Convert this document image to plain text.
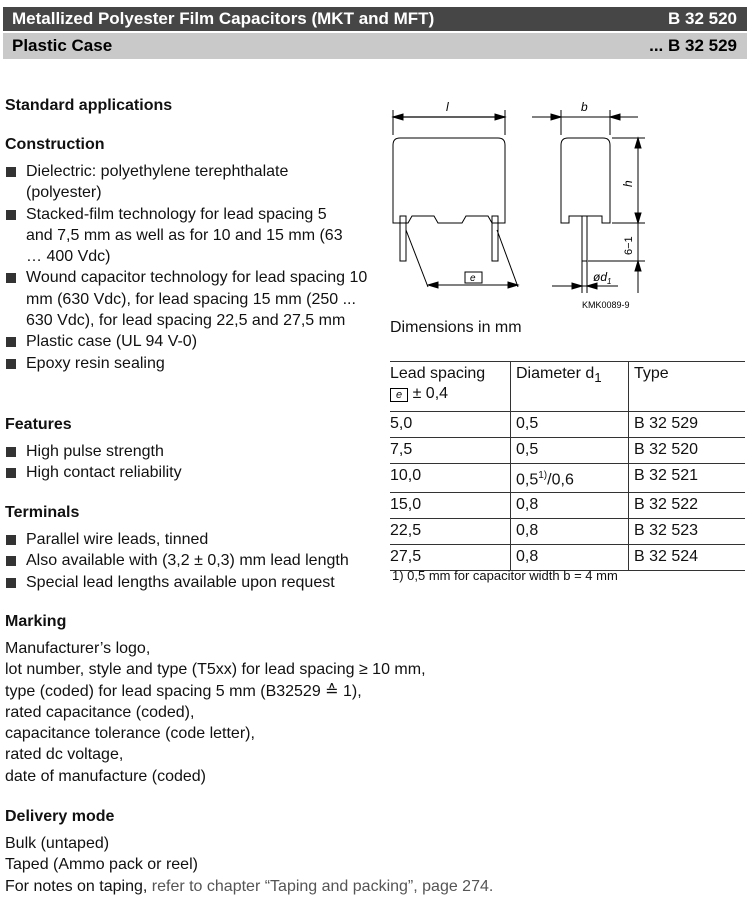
Metallized Polyester Film Capacitors (MKT and MFT)	B 32 520
Plastic Case	... B 32 529
Standard applications
Construction
Dielectric: polyethylene terephthalate (polyester)
Stacked-film technology for lead spacing 5 and 7,5 mm as well as for 10 and 15 mm (63 … 400 Vdc)
Wound capacitor technology for lead spacing 10 mm (630 Vdc), for lead spacing 15 mm (250 ... 630 Vdc), for lead spacing 22,5 and 27,5 mm
Plastic case (UL 94 V-0)
Epoxy resin sealing
Features
High pulse strength
High contact reliability
Terminals
Parallel wire leads, tinned
Also available with (3,2 ± 0,3) mm lead length
Special lead lengths available upon request
Marking
Manufacturer’s logo,
lot number, style and type (T5xx) for lead spacing ≥ 10 mm,
type (coded) for lead spacing 5 mm (B32529 ≙ 1),
rated capacitance (coded),
capacitance tolerance (code letter),
rated dc voltage,
date of manufacture (coded)
Delivery mode
Bulk (untaped)
Taped (Ammo pack or reel)
For notes on taping, refer to chapter “Taping and packing”, page 274.
e
l	b
h
6−1
$ød_1$
KMK0089-9
Dimensions in mm
Lead spacing
e ± 0,4	Diameter $d_1$	Type
5,0	0,5	B 32 529
7,5	0,5	B 32 520
10,0	0,5$^{1)}$/0,6	B 32 521
15,0	0,8	B 32 522
22,5	0,8	B 32 523
27,5	0,8	B 32 524
1) 0,5 mm for capacitor width b = 4 mm
